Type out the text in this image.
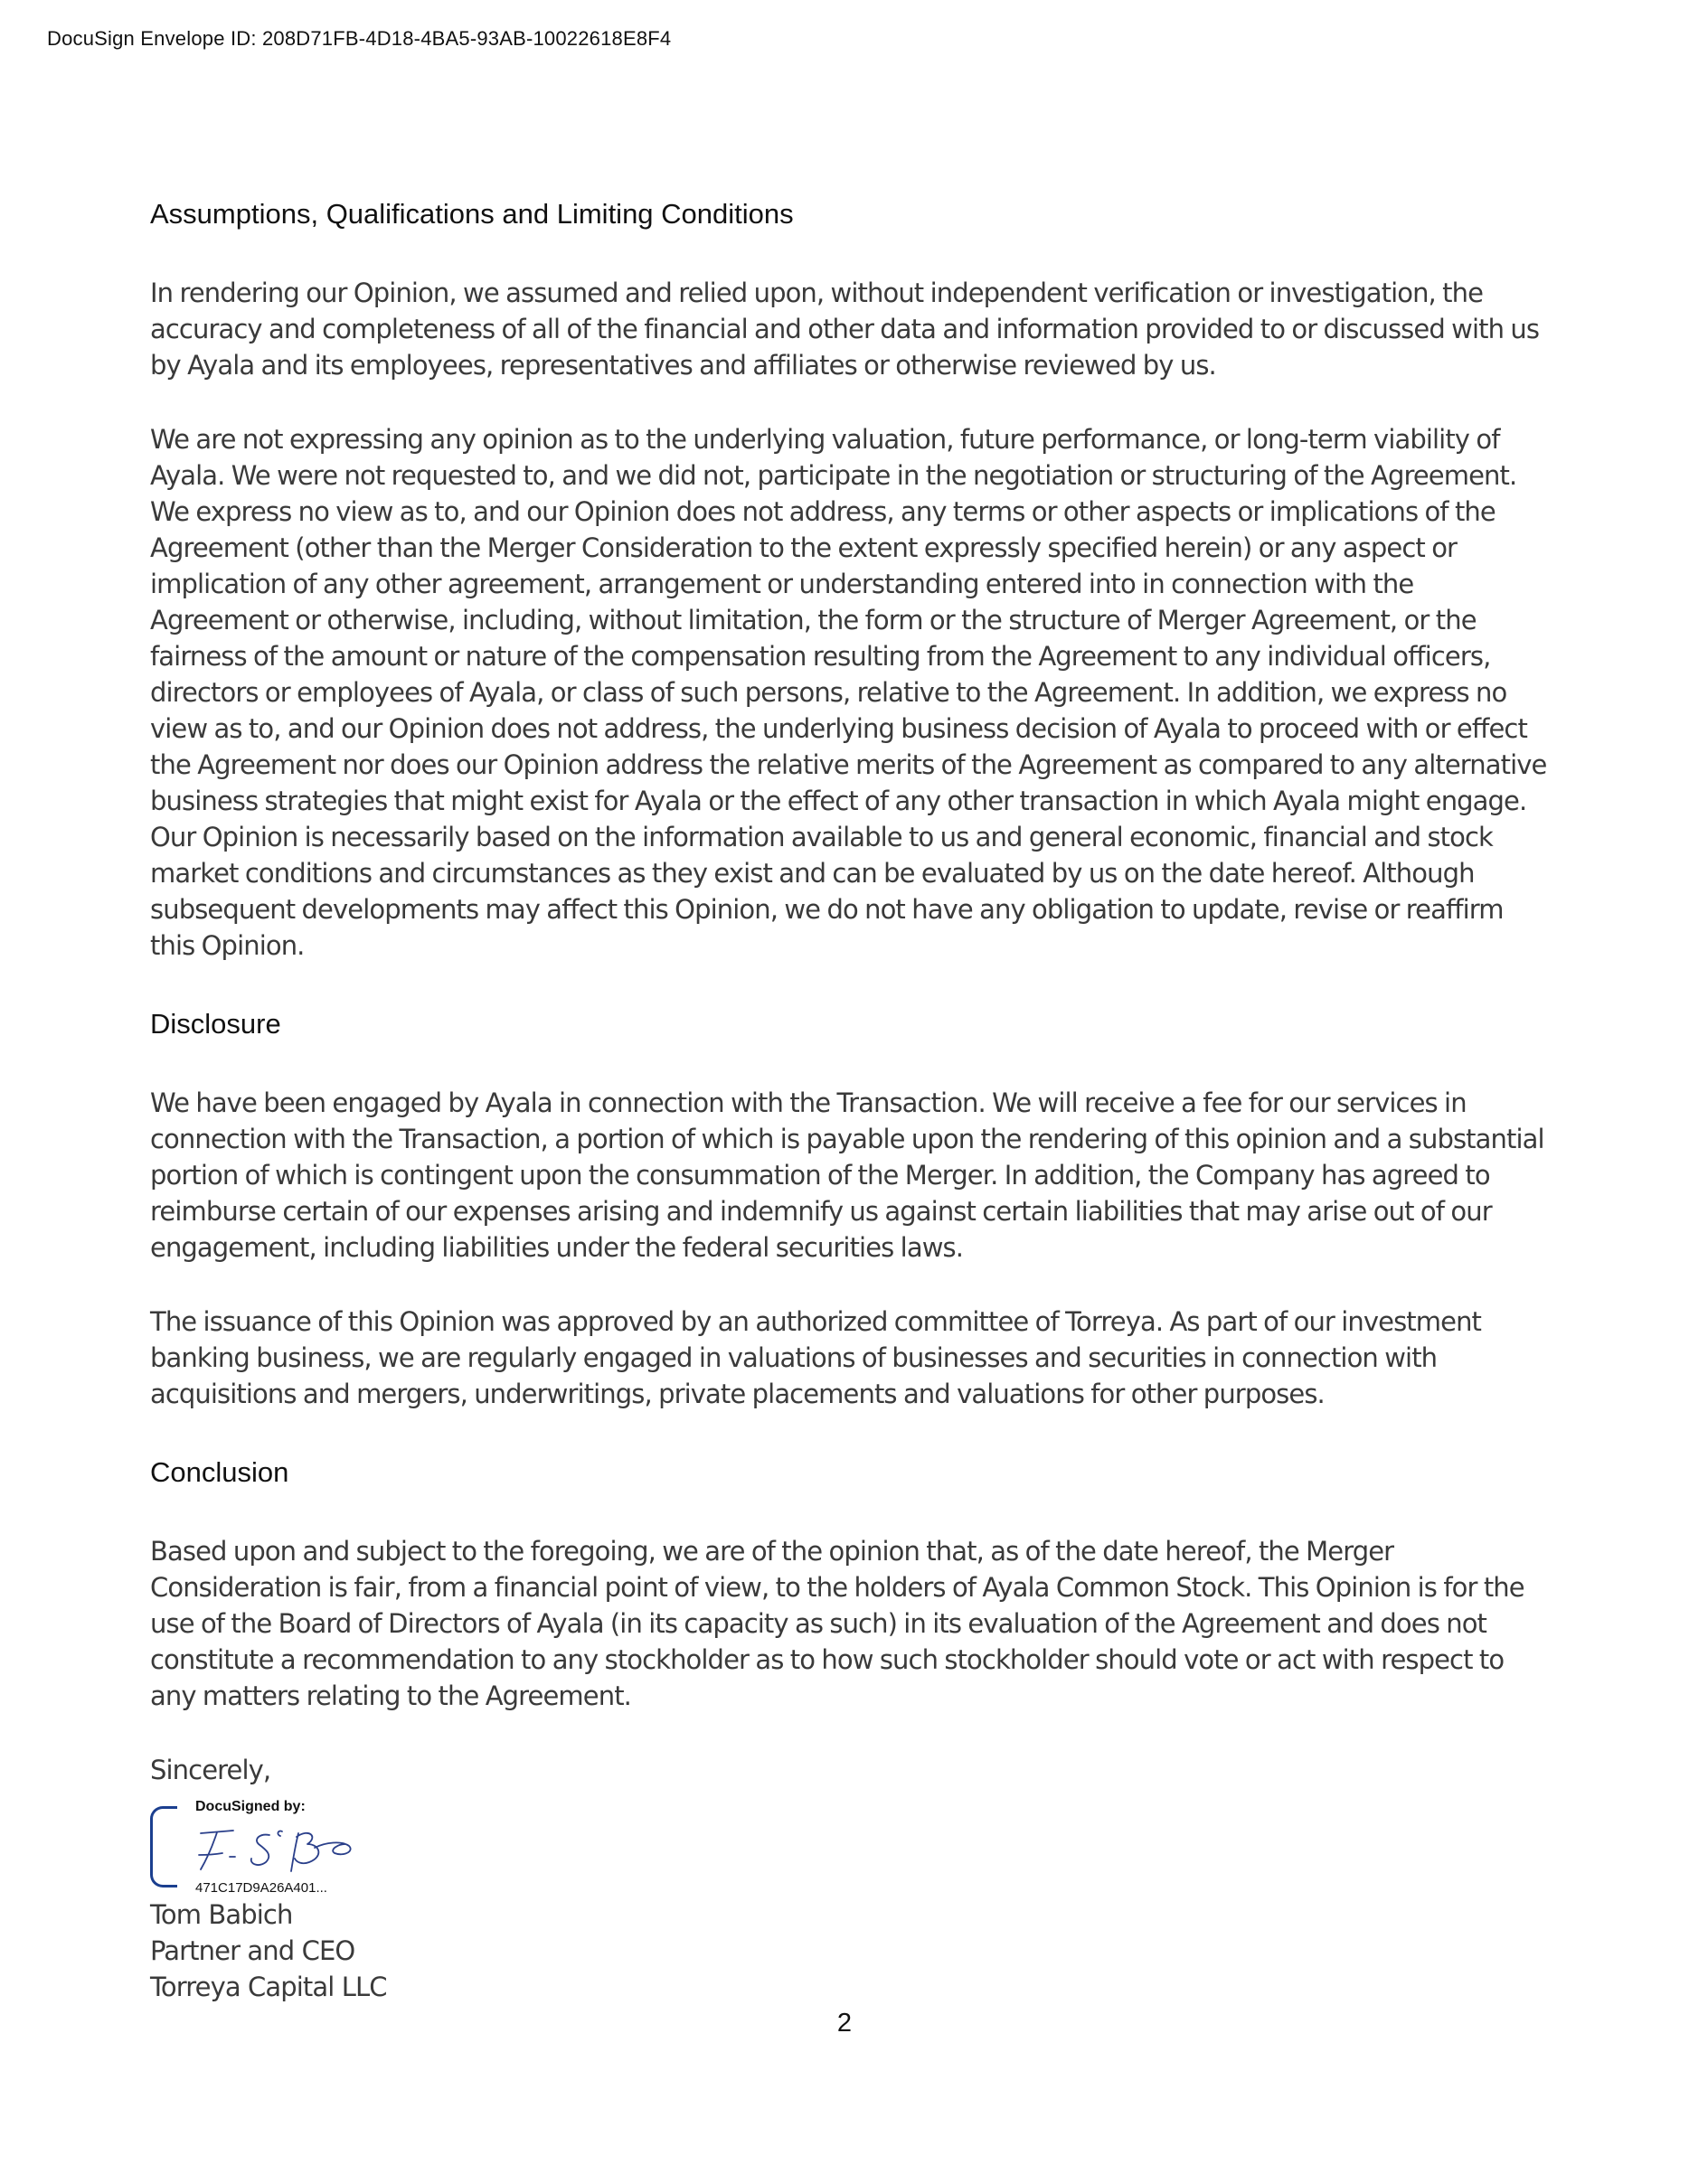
DocuSign Envelope ID: 208D71FB-4D18-4BA5-93AB-10022618E8F4
Assumptions, Qualifications and Limiting Conditions

In rendering our Opinion, we assumed and relied upon, without independent verification or investigation, the accuracy and completeness of all of the financial and other data and information provided to or discussed with us by Ayala and its employees, representatives and affiliates or otherwise reviewed by us.

We are not expressing any opinion as to the underlying valuation, future performance, or long-term viability of Ayala. We were not requested to, and we did not, participate in the negotiation or structuring of the Agreement. We express no view as to, and our Opinion does not address, any terms or other aspects or implications of the Agreement (other than the Merger Consideration to the extent expressly specified herein) or any aspect or implication of any other agreement, arrangement or understanding entered into in connection with the Agreement or otherwise, including, without limitation, the form or the structure of Merger Agreement, or the fairness of the amount or nature of the compensation resulting from the Agreement to any individual officers, directors or employees of Ayala, or class of such persons, relative to the Agreement. In addition, we express no view as to, and our Opinion does not address, the underlying business decision of Ayala to proceed with or effect the Agreement nor does our Opinion address the relative merits of the Agreement as compared to any alternative business strategies that might exist for Ayala or the effect of any other transaction in which Ayala might engage. Our Opinion is necessarily based on the information available to us and general economic, financial and stock market conditions and circumstances as they exist and can be evaluated by us on the date hereof. Although subsequent developments may affect this Opinion, we do not have any obligation to update, revise or reaffirm this Opinion.

Disclosure

We have been engaged by Ayala in connection with the Transaction. We will receive a fee for our services in connection with the Transaction, a portion of which is payable upon the rendering of this opinion and a substantial portion of which is contingent upon the consummation of the Merger. In addition, the Company has agreed to reimburse certain of our expenses arising and indemnify us against certain liabilities that may arise out of our engagement, including liabilities under the federal securities laws.

The issuance of this Opinion was approved by an authorized committee of Torreya. As part of our investment banking business, we are regularly engaged in valuations of businesses and securities in connection with acquisitions and mergers, underwritings, private placements and valuations for other purposes.

Conclusion

Based upon and subject to the foregoing, we are of the opinion that, as of the date hereof, the Merger Consideration is fair, from a financial point of view, to the holders of Ayala Common Stock. This Opinion is for the use of the Board of Directors of Ayala (in its capacity as such) in its evaluation of the Agreement and does not constitute a recommendation to any stockholder as to how such stockholder should vote or act with respect to any matters relating to the Agreement.

Sincerely,

DocuSigned by:
471C17D9A26A401...

Tom Babich

Partner and CEO

Torreya Capital LLC

2
